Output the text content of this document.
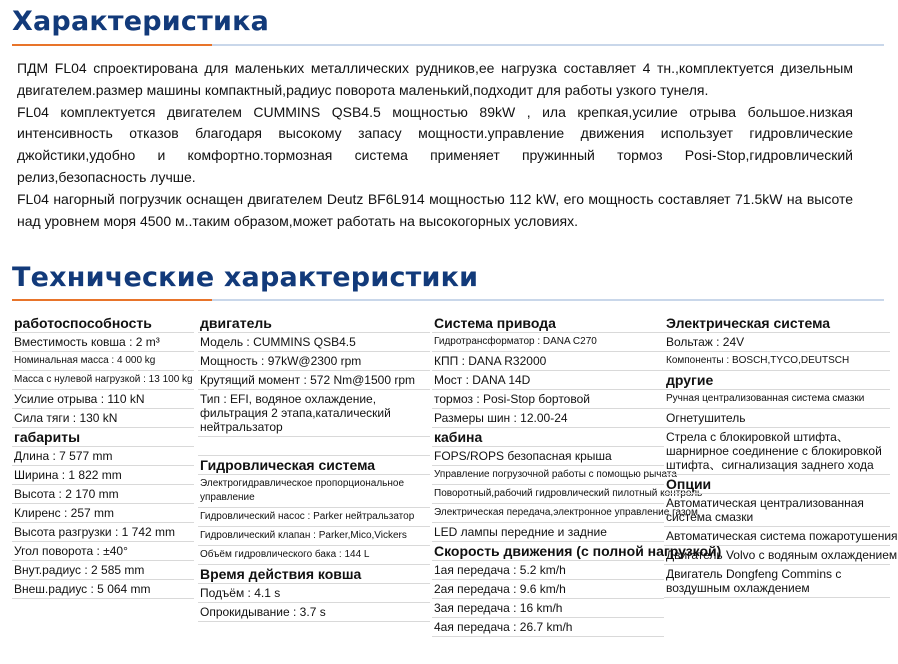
Характеристика

ПДМ FL04 спроектирована для маленьких металлических рудников,ее нагрузка составляет 4 тн.,комплектуется дизельным двигателем.размер машины компактный,радиус поворота маленький,подходит для работы узкого тунеля.

FL04 комплектуется двигателем CUMMINS QSB4.5 мощностью 89kW , ила крепкая,усилие отрыва большое.низкая интенсивность отказов благодаря высокому запасу мощности.управление движения использует гидровлические джойстики,удобно и комфортно.тормозная система применяет пружинный тормоз Posi-Stop,гидровлический релиз,безопасность лучше.

FL04 нагорный погрузчик оснащен двигателем Deutz BF6L914 мощностью 112 kW, его мощность составляет 71.5kW на высоте над уровнем моря 4500 м..таким образом,может работать на высокогорных условиях.

Технические характеристики
работоспособность
Вместимость ковша : 2 m³
Номинальная масса : 4 000 kg
Масса с нулевой нагрузкой : 13 100 kg
Усилие отрыва : 110 kN
Сила тяги : 130 kN
габариты
Длина : 7 577 mm
Ширина : 1 822 mm
Высота : 2 170 mm
Клиренс : 257 mm
Высота разгрузки : 1 742 mm
Угол поворота : ±40°
Внут.радиус : 2 585 mm
Внеш.радиус : 5 064 mm
двигатель
Модель : CUMMINS QSB4.5
Мощность : 97kW@2300 rpm
Крутящий момент : 572 Nm@1500 rpm
Тип : EFI, водяное охлаждение, фильтрация 2 этапа,каталический нейтральзатор

Гидровлическая система
Электрогидравлическое пропорциональное управление
Гидровлический насос : Parker нейтральзатор
Гидровлический клапан : Parker,Mico,Vickers
Объём гидровлического бака : 144 L
Время действия ковша
Подъём : 4.1 s
Опрокидывание : 3.7 s
Система привода
Гидротрансформатор : DANA C270
КПП : DANA R32000
Мост : DANA 14D
тормоз : Posi-Stop бортовой
Размеры шин : 12.00-24
кабина
FOPS/ROPS безопасная крыша
Управление погрузочной работы с помощью рычата
Поворотный,рабочий гидровлический пилотный контроль
Электрическая передача,электронное управление газом
LED лампы передние и задние
Скорость движения (с полной нагрузкой)
1ая передача : 5.2 km/h
2ая передача : 9.6 km/h
3ая передача : 16 km/h
4ая передача : 26.7 km/h
Электрическая система
Вольтаж : 24V
Компоненты : BOSCH,TYCO,DEUTSCH
другие
Ручная централизованная система смазки
Огнетушитель
Стрела с блокировкой штифта、шарнирное соединение с блокировкой штифта、сигнализация заднего хода
Опции
Автоматическая централизованная система смазки
Автоматическая система пожаротушения
Двигатель Volvo с водяным охлаждением
Двигатель Dongfeng Commins с воздушным охлаждением
